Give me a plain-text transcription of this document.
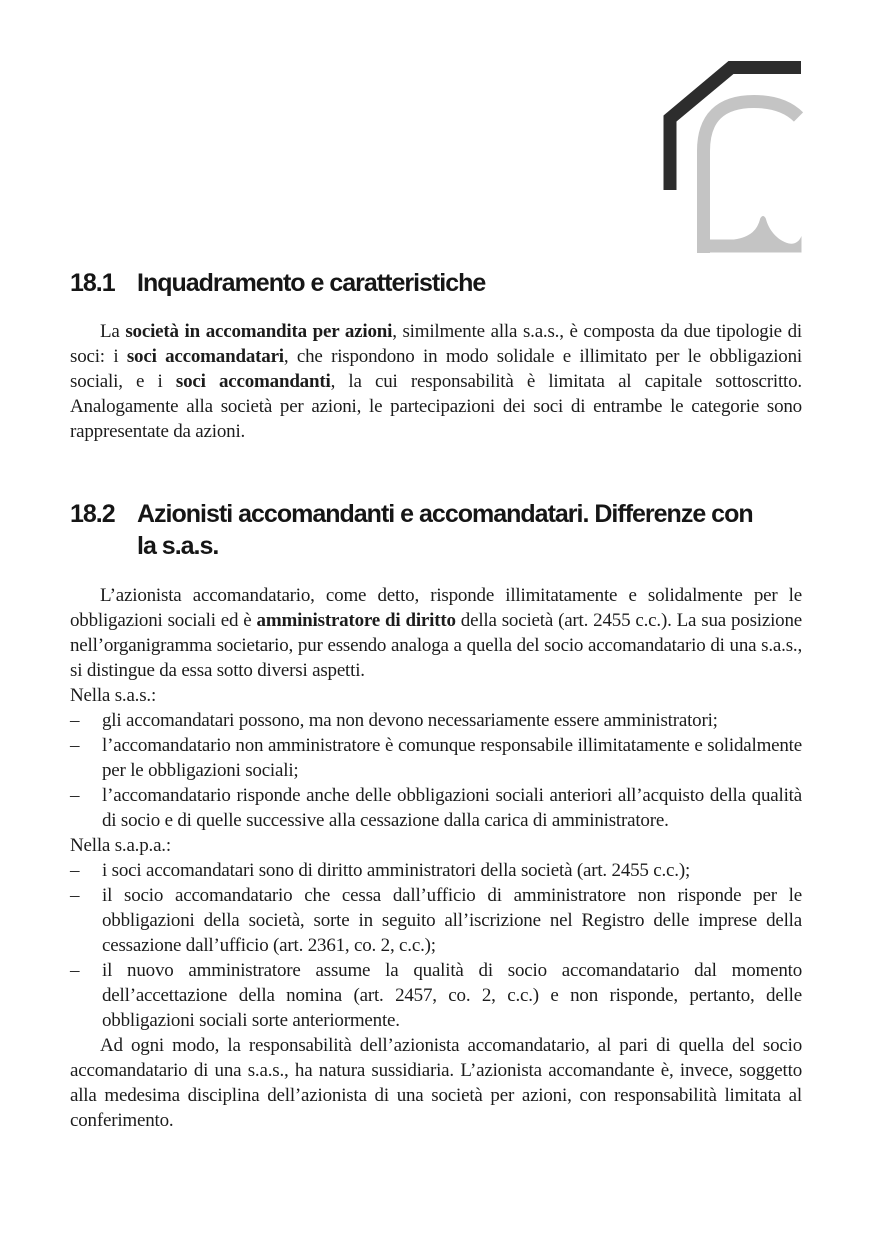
18.1 Inquadramento e caratteristiche

La società in accomandita per azioni, similmente alla s.a.s., è composta da due tipologie di soci: i soci accomandatari, che rispondono in modo solidale e illimitato per le obbligazioni sociali, e i soci accomandanti, la cui responsabilità è limitata al capitale sottoscritto. Analogamente alla società per azioni, le partecipazioni dei soci di entrambe le categorie sono rappresentate da azioni.

18.2 Azionisti accomandanti e accomandatari. Differenze con
la s.a.s.

L’azionista accomandatario, come detto, risponde illimitatamente e solidalmente per le obbligazioni sociali ed è amministratore di diritto della società (art. 2455 c.c.). La sua posizione nell’organigramma societario, pur essendo analoga a quella del socio accomandatario di una s.a.s., si distingue da essa sotto diversi aspetti.

Nella s.a.s.:

–	gli accomandatari possono, ma non devono necessariamente essere amministratori;
–	l’accomandatario non amministratore è comunque responsabile illimitatamente e solidalmente per le obbligazioni sociali;
–	l’accomandatario risponde anche delle obbligazioni sociali anteriori all’acquisto della qualità di socio e di quelle successive alla cessazione dalla carica di amministratore.

Nella s.a.p.a.:

–	i soci accomandatari sono di diritto amministratori della società (art. 2455 c.c.);
–	il socio accomandatario che cessa dall’ufficio di amministratore non risponde per le obbligazioni della società, sorte in seguito all’iscrizione nel Registro delle imprese della cessazione dall’ufficio (art. 2361, co. 2, c.c.);
–	il nuovo amministratore assume la qualità di socio accomandatario dal momento dell’accettazione della nomina (art. 2457, co. 2, c.c.) e non risponde, pertanto, delle obbligazioni sociali sorte anteriormente.

Ad ogni modo, la responsabilità dell’azionista accomandatario, al pari di quella del socio accomandatario di una s.a.s., ha natura sussidiaria. L’azionista accomandante è, invece, soggetto alla medesima disciplina dell’azionista di una società per azioni, con responsabilità limitata al conferimento.
